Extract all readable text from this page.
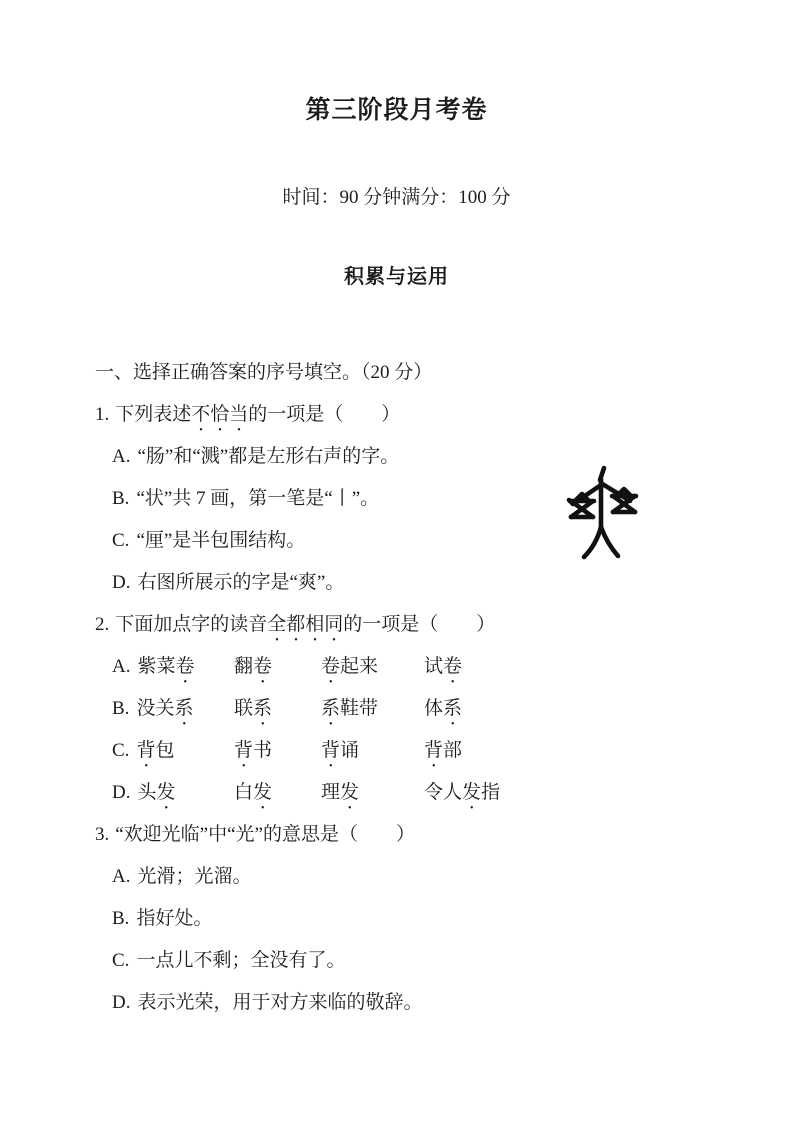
第三阶段月考卷
时间：90 分钟满分：100 分
积累与运用
一、选择正确答案的序号填空。（20 分）
1. 下列表述不恰当的一项是（　　）
A. “肠”和“溅”都是左形右声的字。
B. “状”共 7 画，第一笔是“丨”。
C. “厘”是半包围结构。
D. 右图所展示的字是“爽”。
2. 下面加点字的读音全都相同的一项是（　　）
A. 紫菜卷	翻卷	卷起来	试卷
B. 没关系	联系	系鞋带	体系
C. 背包	背书	背诵	背部
D. 头发	白发	理发	令人发指
3. “欢迎光临”中“光”的意思是（　　）
A. 光滑；光溜。
B. 指好处。
C. 一点儿不剩；全没有了。
D. 表示光荣，用于对方来临的敬辞。
